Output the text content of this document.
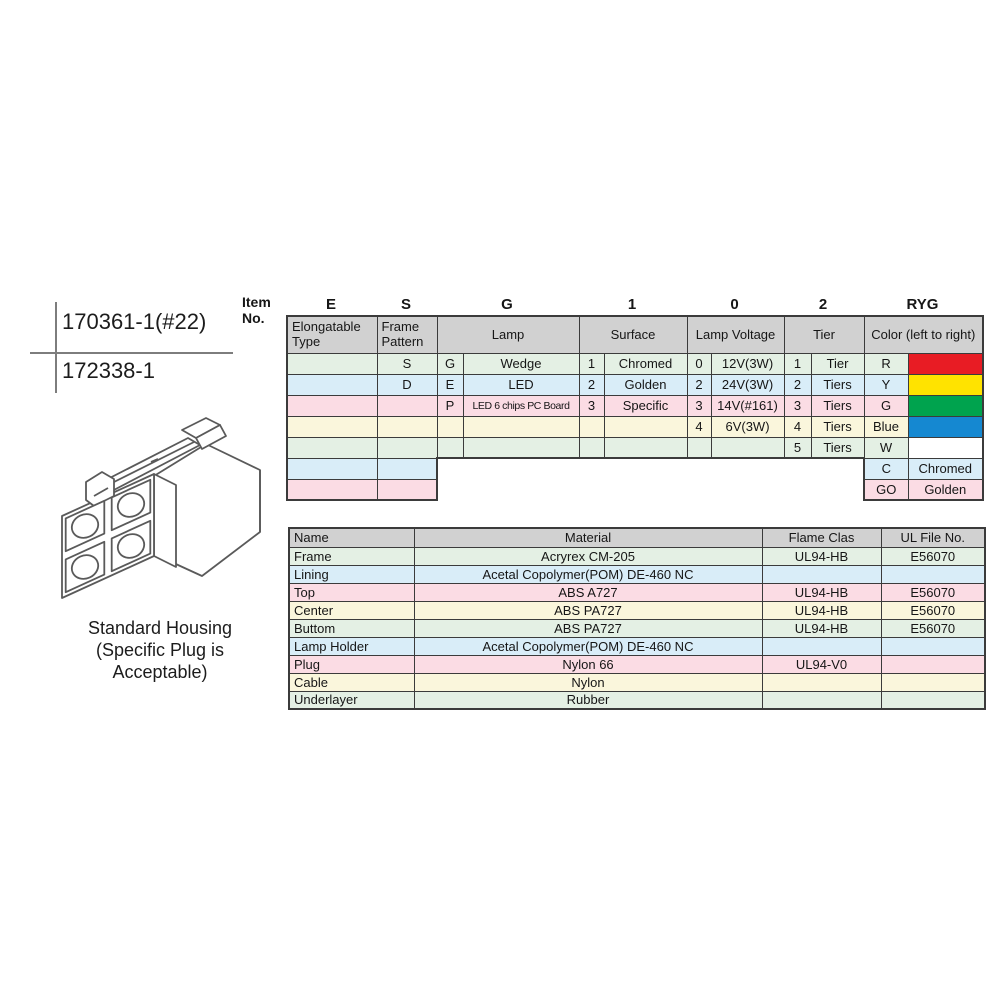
170361-1(#22)
172338-1
Standard Housing
(Specific Plug is
Acceptable)
Item
No.
E	S	G	1	0	2	RYG
Elongatable Type	Frame Pattern	Lamp		Surface		Lamp Voltage		Tier		Color (left to right)	
	S	G	Wedge	1	Chromed	0	12V(3W)	1	Tier	R	
	D	E	LED	2	Golden	2	24V(3W)	2	Tiers	Y	
		P	LED 6 chips PC Board	3	Specific	3	14V(#161)	3	Tiers	G	
						4	6V(3W)	4	Tiers	Blue	
								5	Tiers	W	
										C	Chromed
										GO	Golden
Name	Material	Flame Clas	UL File No.
Frame	Acryrex CM-205	UL94-HB	E56070
Lining	Acetal Copolymer(POM) DE-460 NC		
Top	ABS A727	UL94-HB	E56070
Center	ABS PA727	UL94-HB	E56070
Buttom	ABS PA727	UL94-HB	E56070
Lamp Holder	Acetal Copolymer(POM) DE-460 NC		
Plug	Nylon 66	UL94-V0	
Cable	Nylon		
Underlayer	Rubber		
